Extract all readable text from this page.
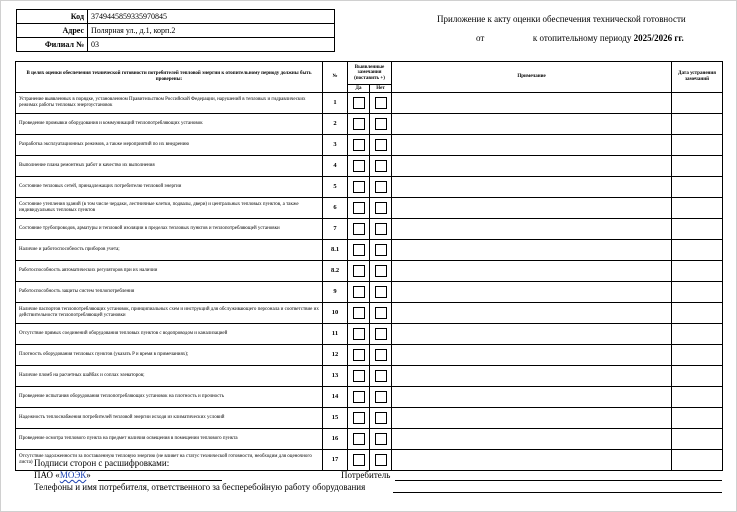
Код	3749445859335970845
Адрес	Полярная ул., д.1, корп.2
Филиал №	03
Приложение к акту оценки обеспечения технической готовности
от	к отопительному периоду 2025/2026 гг.
В целях оценки обеспечения технической готовности потребителей тепловой энергии к отопительному периоду должны быть проверены:	№	Выявленные замечания (поставить +)		Примечание	Дата устранения замечаний
		Да	Нет		
Устранение выявленных в порядке, установленном Правительством Российской Федерации, нарушений в тепловых и гидравлических режимах работы тепловых энергоустановок	1				
Проведение промывки оборудования и коммуникаций теплопотребляющих установок	2				
Разработка эксплуатационных режимов, а также мероприятий по их внедрению	3				
Выполнение плана ремонтных работ и качество их выполнения	4				
Состояние тепловых сетей, принадлежащих потребителю тепловой энергии	5				
Состояние утепления зданий (в том числе чердаки, лестничные клетки, подвалы, двери) и центральных тепловых пунктов, а также индивидуальных тепловых пунктов	6				
Состояние трубопроводов, арматуры и тепловой изоляции в пределах тепловых пунктов и теплопотребляющей установки	7				
Наличие и работоспособность приборов учета;	8.1				
Работоспособность автоматических регуляторов при их наличии	8.2				
Работоспособность защиты систем теплопотребления	9				
Наличие паспортов теплопотребляющих установок, принципиальных схем и инструкций для обслуживающего персонала и соответствие их действительности теплопотребляющей установки	10				
Отсутствие прямых соединений оборудования тепловых пунктов с водопроводом и канализацией	11				
Плотность оборудования тепловых пунктов (указать P и время в примечаниях);	12				
Наличие пломб на расчетных шайбах и соплах элеваторов;	13				
Проведение испытания оборудования теплопотребляющих установок на плотность и прочность	14				
Надежность теплоснабжения потребителей тепловой энергии исходя из климатических условий	15				
Проведение осмотра теплового пункта на предмет наличия освещения в помещении теплового пункта	16				
Отсутствие задолженности за поставленную тепловую энергию (не влияет на статус технической готовности, необходим для оценочного листа)	17				
Подписи сторон с расшифровками:
ПАО «МОЭК»	Потребитель
Телефоны и имя потребителя, ответственного за бесперебойную работу оборудования
